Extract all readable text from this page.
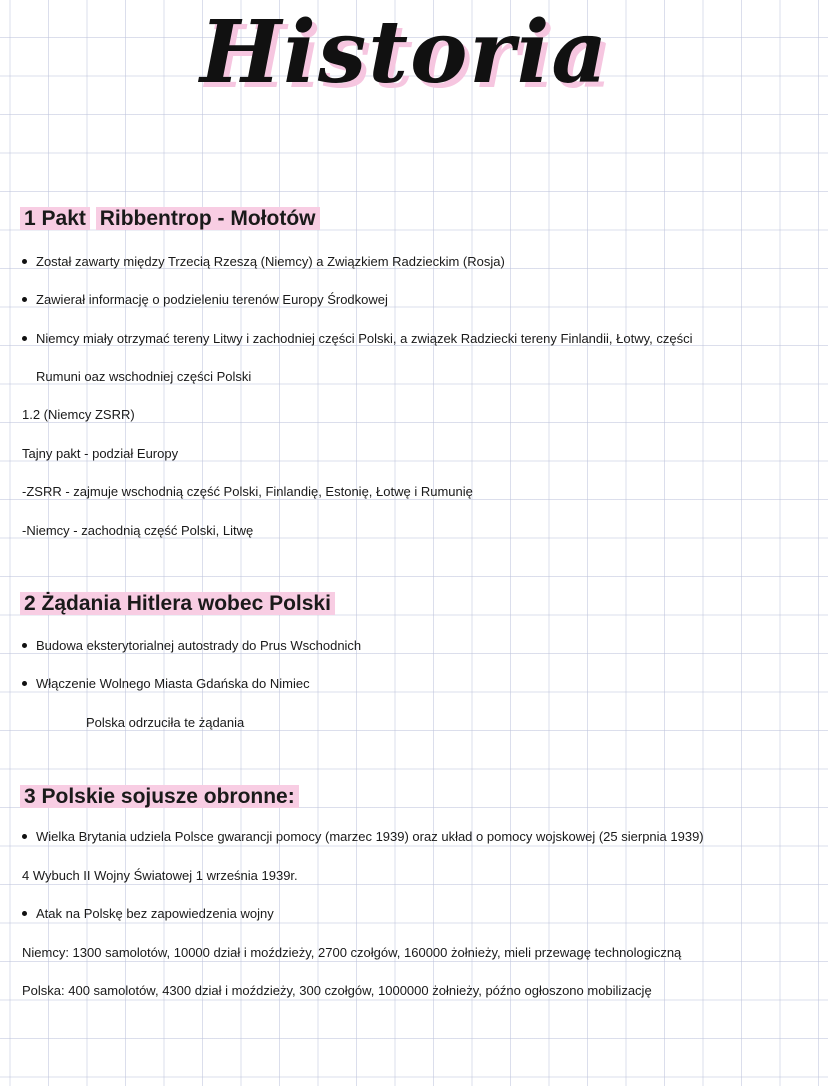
Historia
1 Pakt Ribbentrop - Mołotów
Został zawarty między Trzecią Rzeszą (Niemcy) a Związkiem Radzieckim (Rosja)
Zawierał informację o podzieleniu terenów Europy Środkowej
Niemcy miały otrzymać tereny Litwy i zachodniej części Polski, a związek Radziecki tereny Finlandii, Łotwy, części
Rumuni oaz wschodniej części Polski
1.2 (Niemcy ZSRR)
Tajny pakt - podział Europy
-ZSRR - zajmuje wschodnią część Polski, Finlandię, Estonię, Łotwę i Rumunię
-Niemcy - zachodnią część Polski, Litwę
2 Żądania Hitlera wobec Polski
Budowa eksterytorialnej autostrady do Prus Wschodnich
Włączenie Wolnego Miasta Gdańska do Nimiec
Polska odrzuciła te żądania
3 Polskie sojusze obronne:
Wielka Brytania udziela Polsce gwarancji pomocy (marzec 1939) oraz układ o pomocy wojskowej (25 sierpnia 1939)
4 Wybuch II Wojny Światowej 1 września 1939r.
Atak na Polskę bez zapowiedzenia wojny
Niemcy: 1300 samolotów, 10000 dział i moździeży, 2700 czołgów, 160000 żołnieży, mieli przewagę technologiczną
Polska: 400 samolotów, 4300 dział i moździeży, 300 czołgów, 1000000 żołnieży, późno ogłoszono mobilizację
